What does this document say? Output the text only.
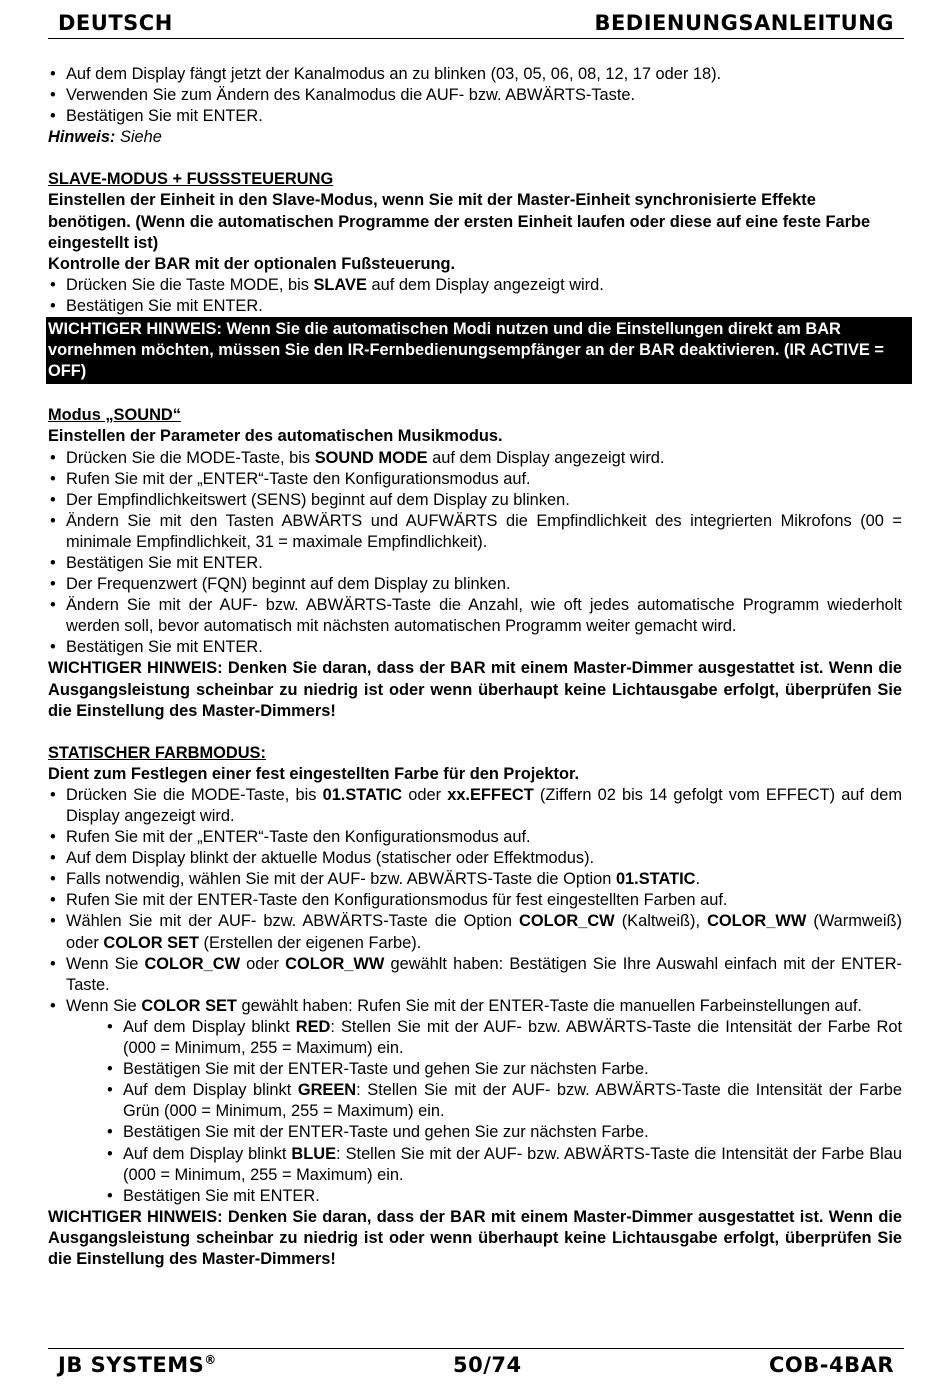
DEUTSCH	BEDIENUNGSANLEITUNG
• Auf dem Display fängt jetzt der Kanalmodus an zu blinken (03, 05, 06, 08, 12, 17 oder 18).
• Verwenden Sie zum Ändern des Kanalmodus die AUF- bzw. ABWÄRTS-Taste.
• Bestätigen Sie mit ENTER.

Hinweis: Siehe

SLAVE-MODUS + FUSSSTEUERUNG

Einstellen der Einheit in den Slave-Modus, wenn Sie mit der Master-Einheit synchronisierte Effekte benötigen. (Wenn die automatischen Programme der ersten Einheit laufen oder diese auf eine feste Farbe eingestellt ist)

Kontrolle der BAR mit der optionalen Fußsteuerung.

• Drücken Sie die Taste MODE, bis SLAVE auf dem Display angezeigt wird.
• Bestätigen Sie mit ENTER.
WICHTIGER HINWEIS: Wenn Sie die automatischen Modi nutzen und die Einstellungen direkt am BAR vornehmen möchten, müssen Sie den IR-Fernbedienungsempfänger an der BAR deaktivieren. (IR ACTIVE = OFF)

Modus „SOUND“

Einstellen der Parameter des automatischen Musikmodus.

• Drücken Sie die MODE-Taste, bis SOUND MODE auf dem Display angezeigt wird.
• Rufen Sie mit der „ENTER“-Taste den Konfigurationsmodus auf.
• Der Empfindlichkeitswert (SENS) beginnt auf dem Display zu blinken.
• Ändern Sie mit den Tasten ABWÄRTS und AUFWÄRTS die Empfindlichkeit des integrierten Mikrofons (00 = minimale Empfindlichkeit, 31 = maximale Empfindlichkeit).
• Bestätigen Sie mit ENTER.
• Der Frequenzwert (FQN) beginnt auf dem Display zu blinken.
• Ändern Sie mit der AUF- bzw. ABWÄRTS-Taste die Anzahl, wie oft jedes automatische Programm wiederholt werden soll, bevor automatisch mit nächsten automatischen Programm weiter gemacht wird.
• Bestätigen Sie mit ENTER.

WICHTIGER HINWEIS: Denken Sie daran, dass der BAR mit einem Master-Dimmer ausgestattet ist. Wenn die Ausgangsleistung scheinbar zu niedrig ist oder wenn überhaupt keine Lichtausgabe erfolgt, überprüfen Sie die Einstellung des Master-Dimmers!

STATISCHER FARBMODUS:

Dient zum Festlegen einer fest eingestellten Farbe für den Projektor.

• Drücken Sie die MODE-Taste, bis 01.STATIC oder xx.EFFECT (Ziffern 02 bis 14 gefolgt vom EFFECT) auf dem Display angezeigt wird.
• Rufen Sie mit der „ENTER“-Taste den Konfigurationsmodus auf.
• Auf dem Display blinkt der aktuelle Modus (statischer oder Effektmodus).
• Falls notwendig, wählen Sie mit der AUF- bzw. ABWÄRTS-Taste die Option 01.STATIC.
• Rufen Sie mit der ENTER-Taste den Konfigurationsmodus für fest eingestellten Farben auf.
• Wählen Sie mit der AUF- bzw. ABWÄRTS-Taste die Option COLOR_CW (Kaltweiß), COLOR_WW (Warmweiß) oder COLOR SET (Erstellen der eigenen Farbe).
• Wenn Sie COLOR_CW oder COLOR_WW gewählt haben: Bestätigen Sie Ihre Auswahl einfach mit der ENTER-Taste.
• Wenn Sie COLOR SET gewählt haben: Rufen Sie mit der ENTER-Taste die manuellen Farbeinstellungen auf.
• Auf dem Display blinkt RED: Stellen Sie mit der AUF- bzw. ABWÄRTS-Taste die Intensität der Farbe Rot (000 = Minimum, 255 = Maximum) ein.
• Bestätigen Sie mit der ENTER-Taste und gehen Sie zur nächsten Farbe.
• Auf dem Display blinkt GREEN: Stellen Sie mit der AUF- bzw. ABWÄRTS-Taste die Intensität der Farbe Grün (000 = Minimum, 255 = Maximum) ein.
• Bestätigen Sie mit der ENTER-Taste und gehen Sie zur nächsten Farbe.
• Auf dem Display blinkt BLUE: Stellen Sie mit der AUF- bzw. ABWÄRTS-Taste die Intensität der Farbe Blau (000 = Minimum, 255 = Maximum) ein.
• Bestätigen Sie mit ENTER.

WICHTIGER HINWEIS: Denken Sie daran, dass der BAR mit einem Master-Dimmer ausgestattet ist. Wenn die Ausgangsleistung scheinbar zu niedrig ist oder wenn überhaupt keine Lichtausgabe erfolgt, überprüfen Sie die Einstellung des Master-Dimmers!

JB SYSTEMS®	50/74	COB-4BAR
